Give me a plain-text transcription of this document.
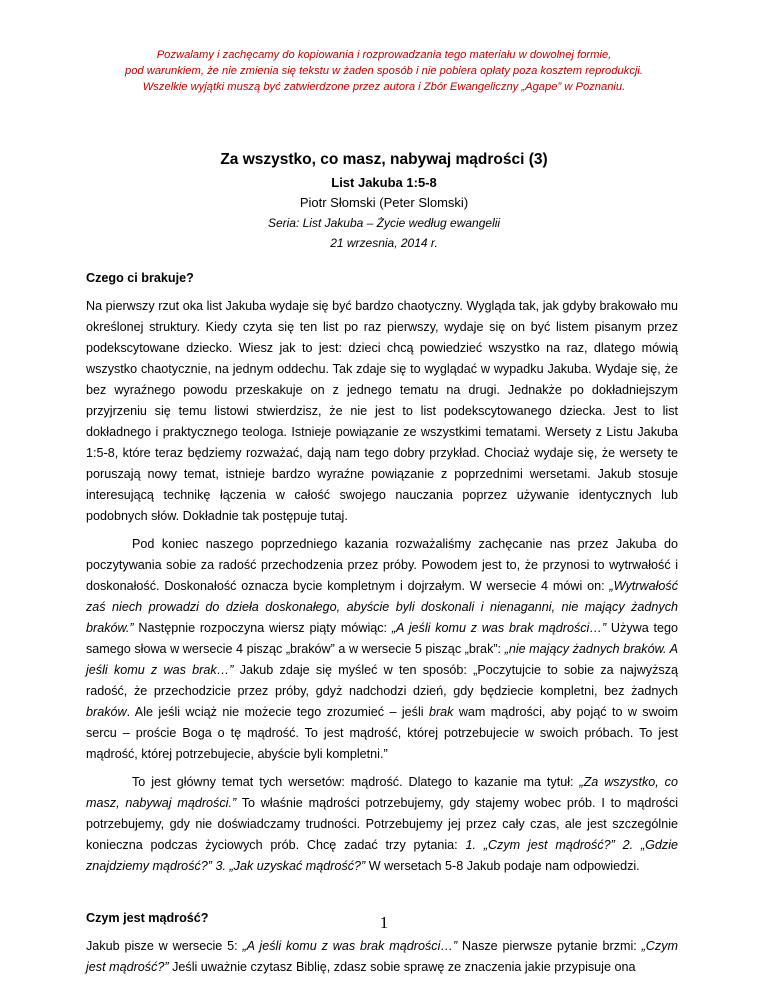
Pozwalamy i zachęcamy do kopiowania i rozprowadzania tego materiału w dowolnej formie,
pod warunkiem, że nie zmienia się tekstu w żaden sposób i nie pobiera opłaty poza kosztem reprodukcji.
Wszelkie wyjątki muszą być zatwierdzone przez autora i Zbór Ewangeliczny „Agape” w Poznaniu.
Za wszystko, co masz, nabywaj mądrości (3)
List Jakuba 1:5-8
Piotr Słomski (Peter Slomski)
Seria: List Jakuba – Życie według ewangelii
21 wrzesnia, 2014 r.
Czego ci brakuje?

Na pierwszy rzut oka list Jakuba wydaje się być bardzo chaotyczny. Wygląda tak, jak gdyby brakowało mu określonej struktury. Kiedy czyta się ten list po raz pierwszy, wydaje się on być listem pisanym przez podekscytowane dziecko. Wiesz jak to jest: dzieci chcą powiedzieć wszystko na raz, dlatego mówią wszystko chaotycznie, na jednym oddechu. Tak zdaje się to wyglądać w wypadku Jakuba. Wydaje się, że bez wyraźnego powodu przeskakuje on z jednego tematu na drugi. Jednakże po dokładniejszym przyjrzeniu się temu listowi stwierdzisz, że nie jest to list podekscytowanego dziecka. Jest to list dokładnego i praktycznego teologa. Istnieje powiązanie ze wszystkimi tematami. Wersety z Listu Jakuba 1:5-8, które teraz będziemy rozważać, dają nam tego dobry przykład. Chociaż wydaje się, że wersety te poruszają nowy temat, istnieje bardzo wyraźne powiązanie z poprzednimi wersetami. Jakub stosuje interesującą technikę łączenia w całość swojego nauczania poprzez używanie identycznych lub podobnych słów. Dokładnie tak postępuje tutaj.

Pod koniec naszego poprzedniego kazania rozważaliśmy zachęcanie nas przez Jakuba do poczytywania sobie za radość przechodzenia przez próby. Powodem jest to, że przynosi to wytrwałość i doskonałość. Doskonałość oznacza bycie kompletnym i dojrzałym. W wersecie 4 mówi on: „Wytrwałość zaś niech prowadzi do dzieła doskonałego, abyście byli doskonali i nienaganni, nie mający żadnych braków.” Następnie rozpoczyna wiersz piąty mówiąc: „A jeśli komu z was brak mądrości…” Używa tego samego słowa w wersecie 4 pisząc „braków” a w wersecie 5 pisząc „brak”: „nie mający żadnych braków. A jeśli komu z was brak…” Jakub zdaje się myśleć w ten sposób: „Poczytujcie to sobie za najwyższą radość, że przechodzicie przez próby, gdyż nadchodzi dzień, gdy będziecie kompletni, bez żadnych braków. Ale jeśli wciąż nie możecie tego zrozumieć – jeśli brak wam mądrości, aby pojąć to w swoim sercu – proście Boga o tę mądrość. To jest mądrość, której potrzebujecie w swoich próbach. To jest mądrość, której potrzebujecie, abyście byli kompletni.”

To jest główny temat tych wersetów: mądrość. Dlatego to kazanie ma tytuł: „Za wszystko, co masz, nabywaj mądrości.” To właśnie mądrości potrzebujemy, gdy stajemy wobec prób. I to mądrości potrzebujemy, gdy nie doświadczamy trudności. Potrzebujemy jej przez cały czas, ale jest szczególnie konieczna podczas życiowych prób. Chcę zadać trzy pytania: 1. „Czym jest mądrość?” 2. „Gdzie znajdziemy mądrość?” 3. „Jak uzyskać mądrość?” W wersetach 5-8 Jakub podaje nam odpowiedzi.

Czym jest mądrość?

Jakub pisze w wersecie 5: „A jeśli komu z was brak mądrości…” Nasze pierwsze pytanie brzmi: „Czym jest mądrość?” Jeśli uważnie czytasz Biblię, zdasz sobie sprawę ze znaczenia jakie przypisuje ona

1
